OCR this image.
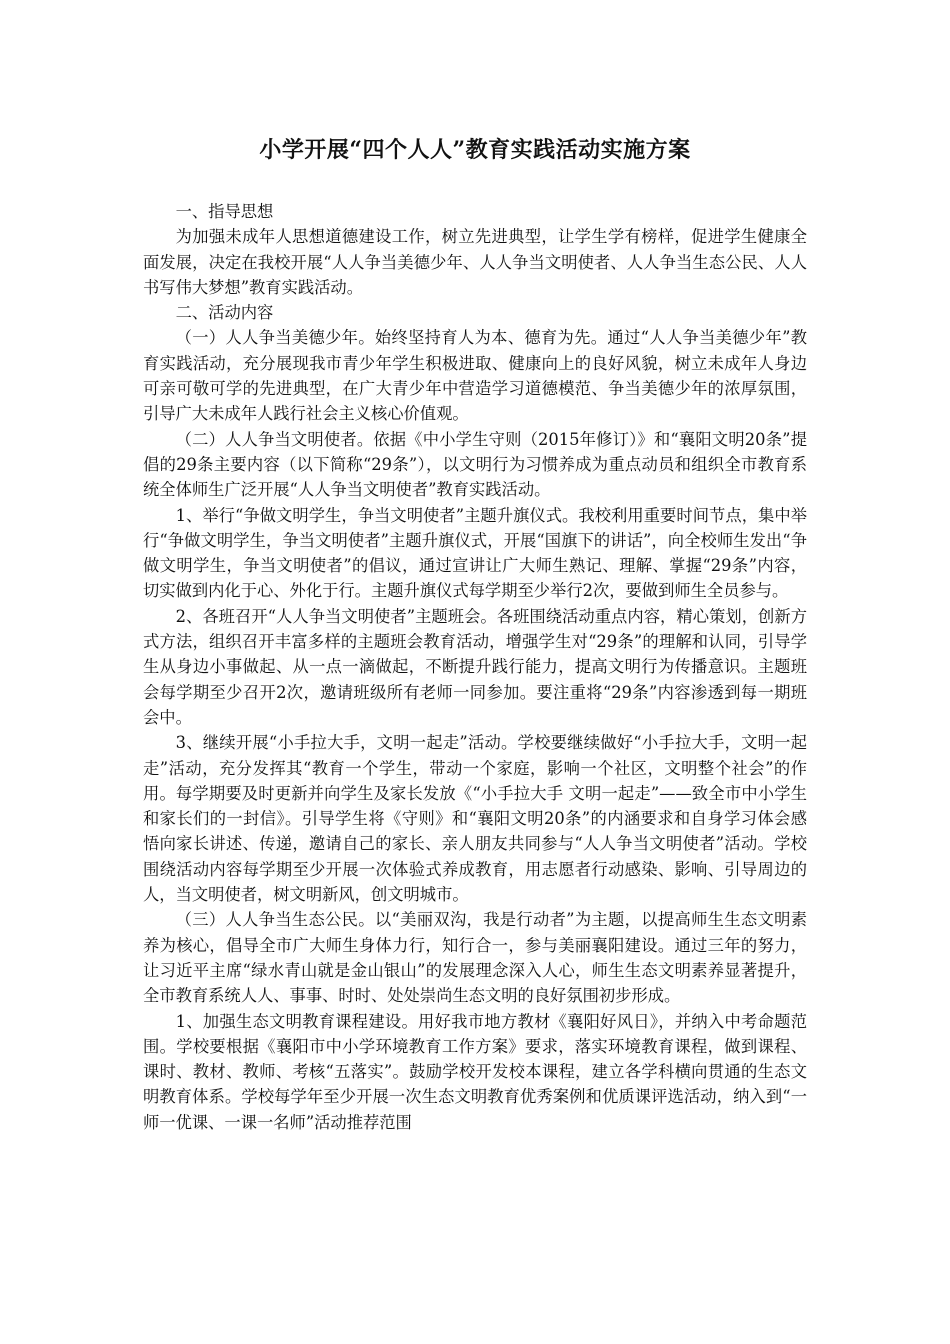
小学开展“四个人人”教育实践活动实施方案

一、指导思想

为加强未成年人思想道德建设工作，树立先进典型，让学生学有榜样，促进学生健康全面发展，决定在我校开展“人人争当美德少年、人人争当文明使者、人人争当生态公民、人人书写伟大梦想”教育实践活动。

二、活动内容

（一）人人争当美德少年。始终坚持育人为本、德育为先。通过“人人争当美德少年”教育实践活动，充分展现我市青少年学生积极进取、健康向上的良好风貌，树立未成年人身边可亲可敬可学的先进典型，在广大青少年中营造学习道德模范、争当美德少年的浓厚氛围，引导广大未成年人践行社会主义核心价值观。

（二）人人争当文明使者。依据《中小学生守则（2015年修订）》和“襄阳文明20条”提倡的29条主要内容（以下简称“29条”），以文明行为习惯养成为重点动员和组织全市教育系统全体师生广泛开展“人人争当文明使者”教育实践活动。

1、举行“争做文明学生，争当文明使者”主题升旗仪式。我校利用重要时间节点，集中举行“争做文明学生，争当文明使者”主题升旗仪式，开展“国旗下的讲话”，向全校师生发出“争做文明学生，争当文明使者”的倡议，通过宣讲让广大师生熟记、理解、掌握“29条”内容，切实做到内化于心、外化于行。主题升旗仪式每学期至少举行2次，要做到师生全员参与。

2、各班召开“人人争当文明使者”主题班会。各班围绕活动重点内容，精心策划，创新方式方法，组织召开丰富多样的主题班会教育活动，增强学生对“29条”的理解和认同，引导学生从身边小事做起、从一点一滴做起，不断提升践行能力，提高文明行为传播意识。主题班会每学期至少召开2次，邀请班级所有老师一同参加。要注重将“29条”内容渗透到每一期班会中。

3、继续开展“小手拉大手，文明一起走”活动。学校要继续做好“小手拉大手，文明一起走”活动，充分发挥其“教育一个学生，带动一个家庭，影响一个社区，文明整个社会”的作用。每学期要及时更新并向学生及家长发放《“小手拉大手 文明一起走”——致全市中小学生和家长们的一封信》。引导学生将《守则》和“襄阳文明20条”的内涵要求和自身学习体会感悟向家长讲述、传递，邀请自己的家长、亲人朋友共同参与“人人争当文明使者”活动。学校围绕活动内容每学期至少开展一次体验式养成教育，用志愿者行动感染、影响、引导周边的人，当文明使者，树文明新风，创文明城市。

（三）人人争当生态公民。以“美丽双沟，我是行动者”为主题，以提高师生生态文明素养为核心，倡导全市广大师生身体力行，知行合一，参与美丽襄阳建设。通过三年的努力，让习近平主席“绿水青山就是金山银山”的发展理念深入人心，师生生态文明素养显著提升，全市教育系统人人、事事、时时、处处崇尚生态文明的良好氛围初步形成。

1、加强生态文明教育课程建设。用好我市地方教材《襄阳好风日》，并纳入中考命题范围。学校要根据《襄阳市中小学环境教育工作方案》要求，落实环境教育课程，做到课程、课时、教材、教师、考核“五落实”。鼓励学校开发校本课程，建立各学科横向贯通的生态文明教育体系。学校每学年至少开展一次生态文明教育优秀案例和优质课评选活动，纳入到“一师一优课、一课一名师”活动推荐范围
